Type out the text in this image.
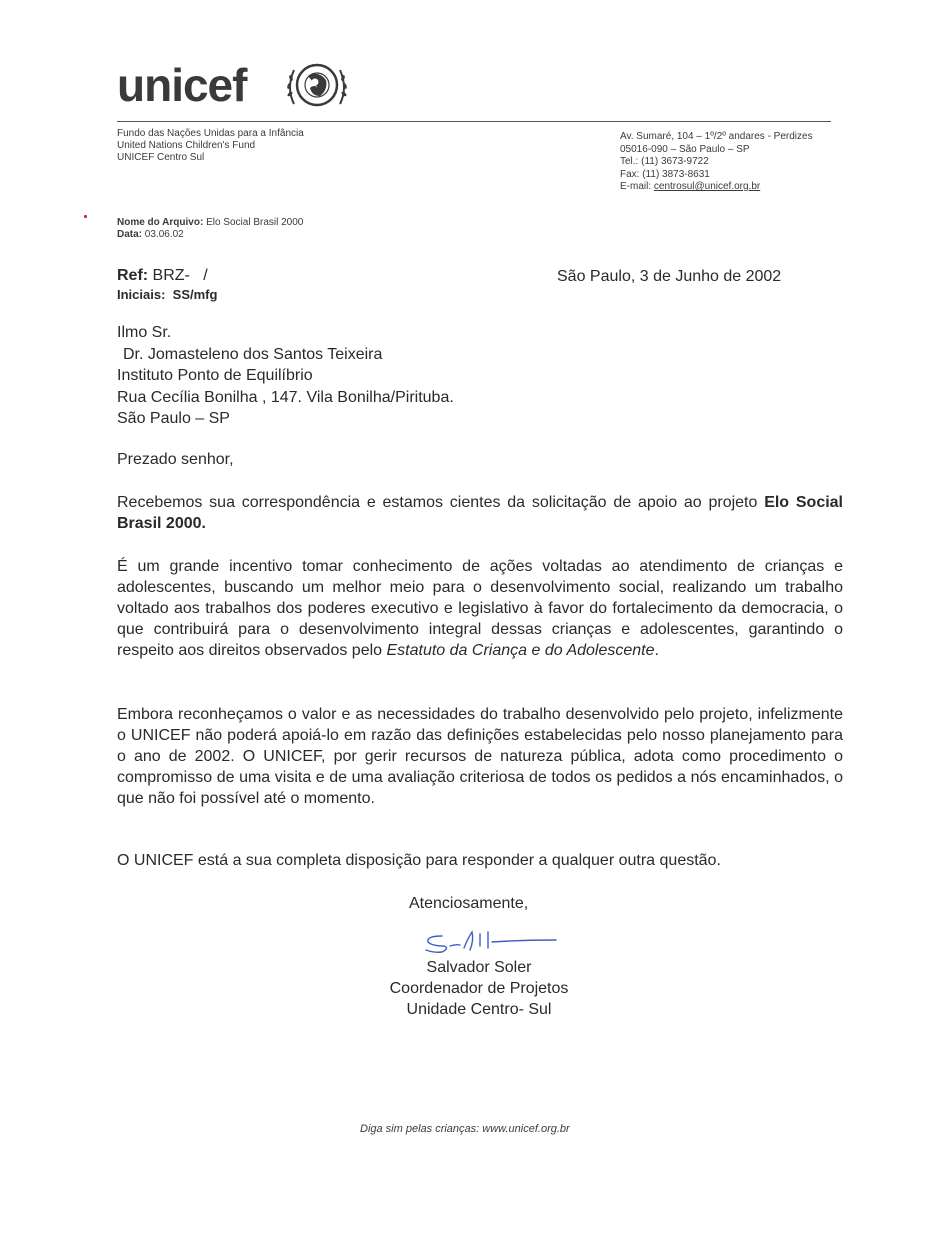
unicef
Fundo das Nações Unidas para a Infância
United Nations Children's Fund
UNICEF Centro Sul
Av. Sumaré, 104 – 1º/2º andares - Perdizes
05016-090 – São Paulo – SP
Tel.: (11) 3673-9722
Fax: (11) 3873-8631
E-mail: centrosul@unicef.org.br
Nome do Arquivo: Elo Social Brasil 2000
Data: 03.06.02
Ref: BRZ-   /
Iniciais:  SS/mfg
São Paulo, 3 de Junho de 2002
Ilmo Sr.
Dr. Jomasteleno dos Santos Teixeira
Instituto Ponto de Equilíbrio
Rua Cecília Bonilha , 147. Vila Bonilha/Pirituba.
São Paulo – SP
Prezado senhor,
Recebemos sua correspondência e estamos cientes da solicitação de apoio ao projeto Elo Social Brasil 2000.
É um grande incentivo tomar conhecimento de ações voltadas ao atendimento de crianças e adolescentes, buscando um melhor meio para o desenvolvimento social, realizando um trabalho voltado aos trabalhos dos poderes executivo e legislativo à favor do fortalecimento da democracia, o que contribuirá para o desenvolvimento integral dessas crianças e adolescentes, garantindo o respeito aos direitos observados pelo Estatuto da Criança e do Adolescente.
Embora reconheçamos o valor e as necessidades do trabalho desenvolvido pelo projeto, infelizmente o UNICEF não poderá apoiá-lo em razão das definições estabelecidas pelo nosso planejamento para o ano de 2002. O UNICEF, por gerir recursos de natureza pública, adota como procedimento o compromisso de uma visita e de uma avaliação criteriosa de todos os pedidos a nós encaminhados, o que não foi possível até o momento.
O UNICEF está a sua completa disposição para responder a qualquer outra questão.
Atenciosamente,
Salvador Soler
Coordenador de Projetos
Unidade Centro- Sul
Diga sim pelas crianças: www.unicef.org.br
